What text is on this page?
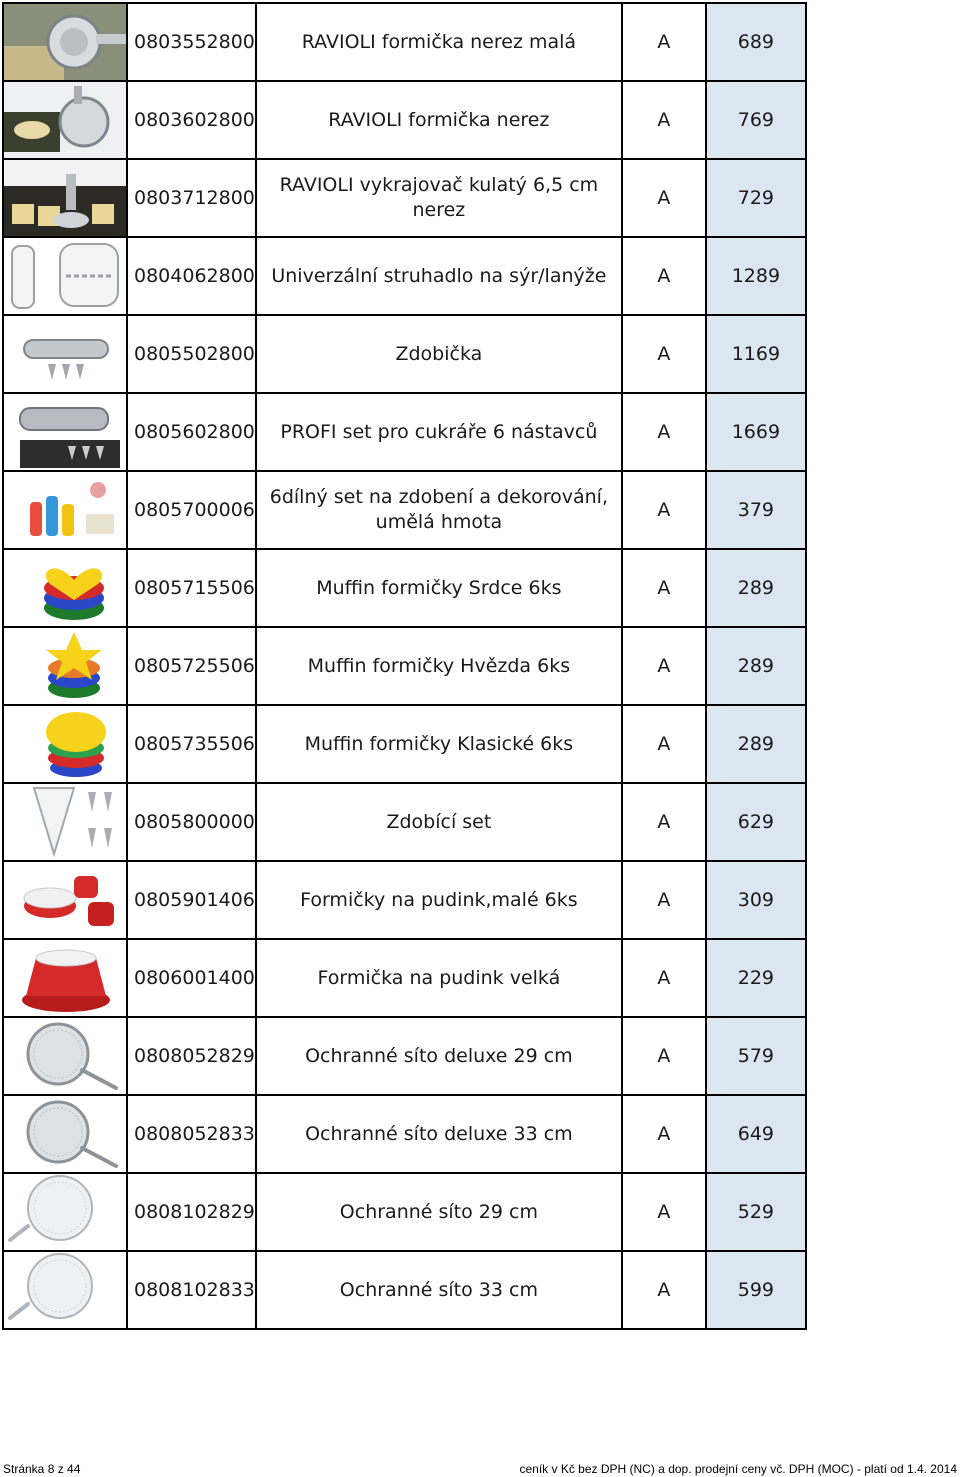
	0803552800	RAVIOLI formička nerez malá	A	689

	0803602800	RAVIOLI formička nerez	A	769

	0803712800	RAVIOLI vykrajovač kulatý 6,5 cm nerez	A	729

	0804062800	Univerzální struhadlo na sýr/lanýže	A	1289

	0805502800	Zdobička	A	1169

	0805602800	PROFI set pro cukráře 6 nástavců	A	1669

	0805700006	6dílný set na zdobení a dekorování, umělá hmota	A	379

	0805715506	Muffin formičky Srdce 6ks	A	289

	0805725506	Muffin formičky Hvězda 6ks	A	289

	0805735506	Muffin formičky Klasické 6ks	A	289

	0805800000	Zdobící set	A	629

	0805901406	Formičky na pudink,malé 6ks	A	309

	0806001400	Formička na pudink velká	A	229

	0808052829	Ochranné síto deluxe 29 cm	A	579

	0808052833	Ochranné síto deluxe 33 cm	A	649

	0808102829	Ochranné síto 29 cm	A	529

	0808102833	Ochranné síto 33 cm	A	599
Stránka 8 z 44	ceník v Kč bez DPH (NC) a dop. prodejní ceny vč. DPH (MOC) - platí od 1.4. 2014
